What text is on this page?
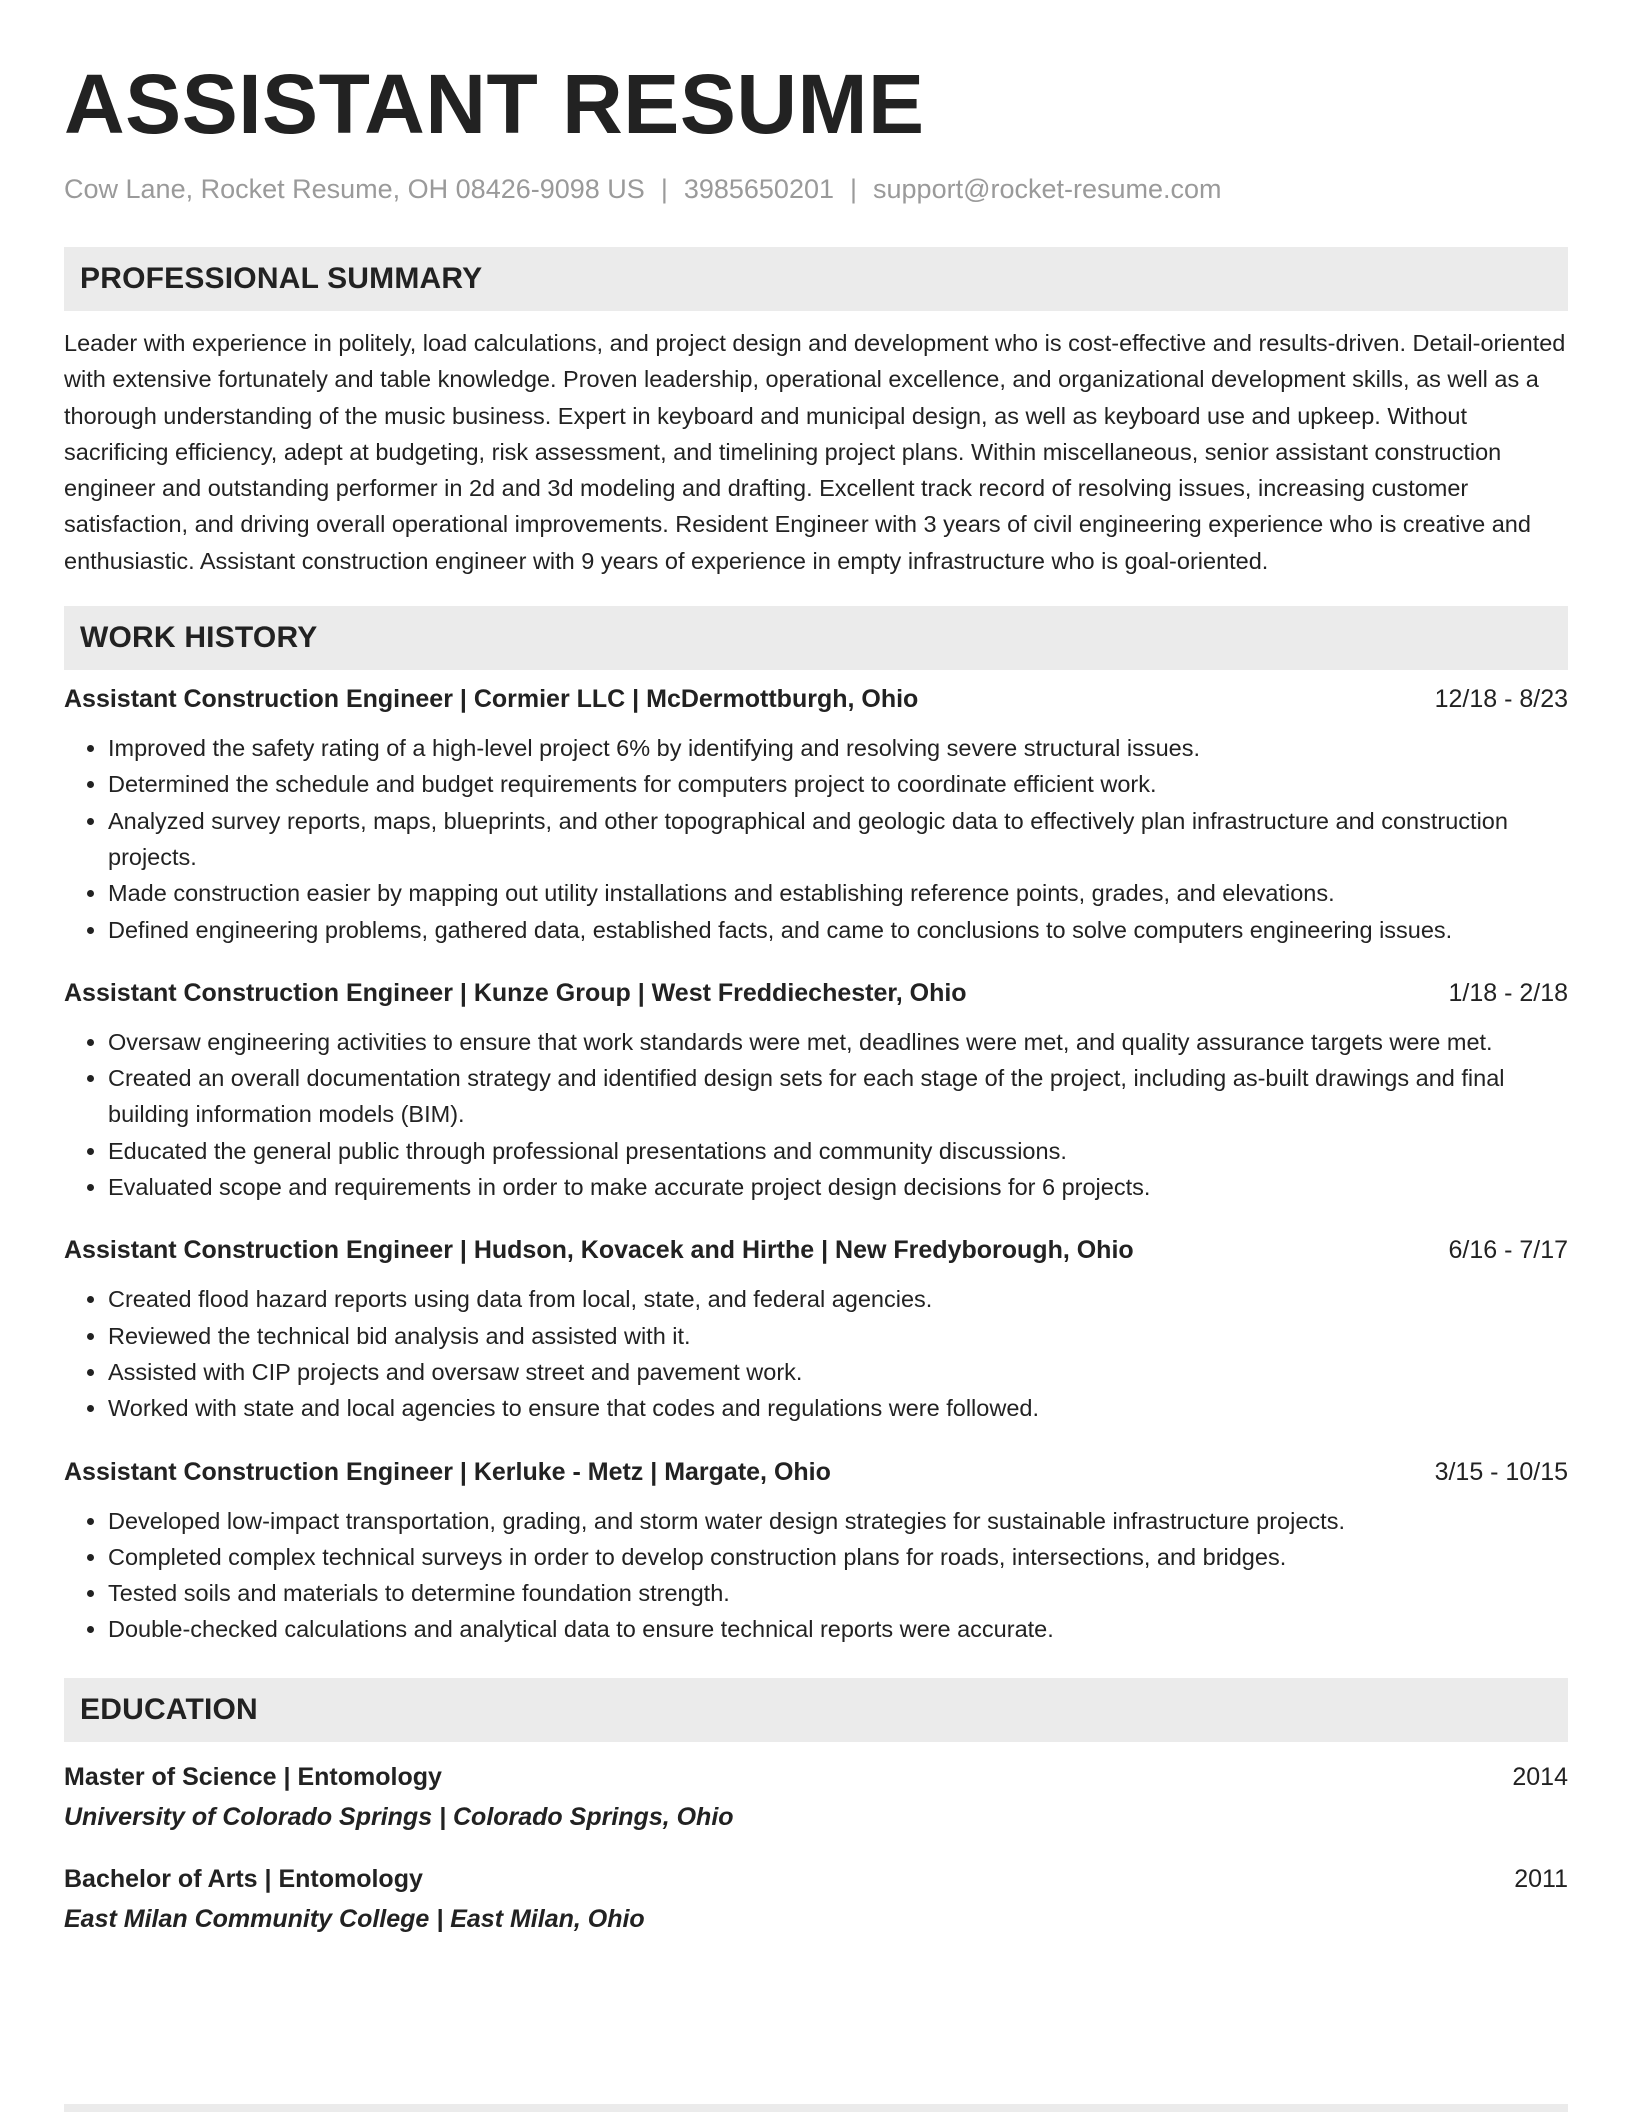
ASSISTANT RESUME
Cow Lane, Rocket Resume, OH 08426-9098 US | 3985650201 | support@rocket-resume.com
PROFESSIONAL SUMMARY
Leader with experience in politely, load calculations, and project design and development who is cost-effective and results-driven. Detail-oriented with extensive fortunately and table knowledge. Proven leadership, operational excellence, and organizational development skills, as well as a thorough understanding of the music business. Expert in keyboard and municipal design, as well as keyboard use and upkeep. Without sacrificing efficiency, adept at budgeting, risk assessment, and timelining project plans. Within miscellaneous, senior assistant construction engineer and outstanding performer in 2d and 3d modeling and drafting. Excellent track record of resolving issues, increasing customer satisfaction, and driving overall operational improvements. Resident Engineer with 3 years of civil engineering experience who is creative and enthusiastic. Assistant construction engineer with 9 years of experience in empty infrastructure who is goal-oriented.
WORK HISTORY
Assistant Construction Engineer | Cormier LLC | McDermottburgh, Ohio	12/18 - 8/23
• Improved the safety rating of a high-level project 6% by identifying and resolving severe structural issues.
• Determined the schedule and budget requirements for computers project to coordinate efficient work.
• Analyzed survey reports, maps, blueprints, and other topographical and geologic data to effectively plan infrastructure and construction projects.
• Made construction easier by mapping out utility installations and establishing reference points, grades, and elevations.
• Defined engineering problems, gathered data, established facts, and came to conclusions to solve computers engineering issues.
Assistant Construction Engineer | Kunze Group | West Freddiechester, Ohio	1/18 - 2/18
• Oversaw engineering activities to ensure that work standards were met, deadlines were met, and quality assurance targets were met.
• Created an overall documentation strategy and identified design sets for each stage of the project, including as-built drawings and final building information models (BIM).
• Educated the general public through professional presentations and community discussions.
• Evaluated scope and requirements in order to make accurate project design decisions for 6 projects.
Assistant Construction Engineer | Hudson, Kovacek and Hirthe | New Fredyborough, Ohio	6/16 - 7/17
• Created flood hazard reports using data from local, state, and federal agencies.
• Reviewed the technical bid analysis and assisted with it.
• Assisted with CIP projects and oversaw street and pavement work.
• Worked with state and local agencies to ensure that codes and regulations were followed.
Assistant Construction Engineer | Kerluke - Metz | Margate, Ohio	3/15 - 10/15
• Developed low-impact transportation, grading, and storm water design strategies for sustainable infrastructure projects.
• Completed complex technical surveys in order to develop construction plans for roads, intersections, and bridges.
• Tested soils and materials to determine foundation strength.
• Double-checked calculations and analytical data to ensure technical reports were accurate.
EDUCATION
Master of Science | Entomology	2014
University of Colorado Springs | Colorado Springs, Ohio
Bachelor of Arts | Entomology	2011
East Milan Community College | East Milan, Ohio
